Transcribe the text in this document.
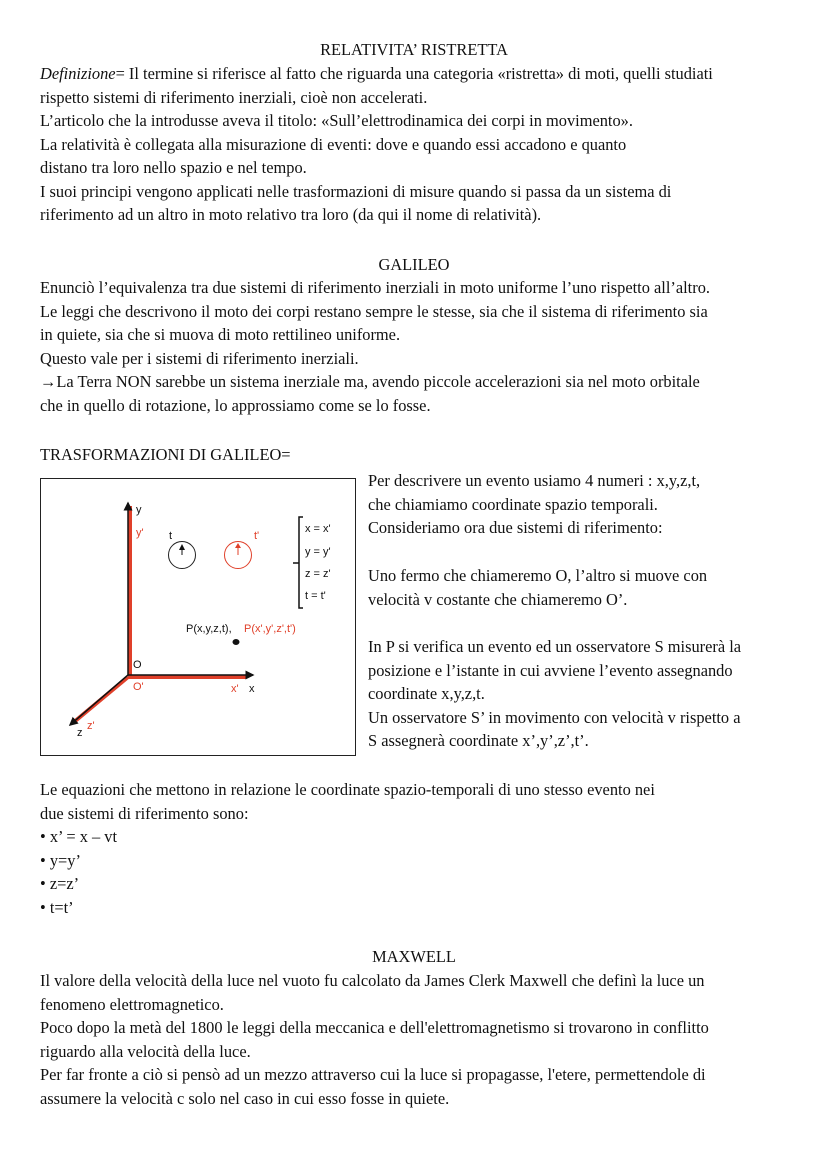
RELATIVITA’ RISTRETTA
Definizione= Il termine si riferisce al fatto che riguarda una categoria «ristretta» di moti, quelli studiati
rispetto sistemi di riferimento inerziali, cioè non accelerati.
L’articolo che la introdusse aveva il titolo: «Sull’elettrodinamica dei corpi in movimento».
La relatività è collegata alla misurazione di eventi: dove e quando essi accadono e quanto
distano tra loro nello spazio e nel tempo.
I suoi principi vengono applicati nelle trasformazioni di misure quando si passa da un sistema di
riferimento ad un altro in moto relativo tra loro (da qui il nome di relatività).
GALILEO
Enunciò l’equivalenza tra due sistemi di riferimento inerziali in moto uniforme l’uno rispetto all’altro.
Le leggi che descrivono il moto dei corpi restano sempre le stesse, sia che il sistema di riferimento sia
in quiete, sia che si muova di moto rettilineo uniforme.
Questo vale per i sistemi di riferimento inerziali.
→La Terra NON sarebbe un sistema inerziale ma, avendo piccole accelerazioni sia nel moto orbitale
che in quello di rotazione, lo approssiamo come se lo fosse.
TRASFORMAZIONI DI GALILEO=
y
y'
O
O'	x' x
z
z'
t	t'
x = x'
y = y'
z = z'
t = t'
P(x,y,z,t), P(x',y',z',t')
Per descrivere un evento usiamo 4 numeri : x,y,z,t,
che chiamiamo coordinate spazio temporali.
Consideriamo ora due sistemi di riferimento:
Uno fermo che chiameremo O, l’altro si muove con
velocità v costante che chiameremo O’.
In P si verifica un evento ed un osservatore S misurerà la
posizione e l’istante in cui avviene l’evento assegnando
coordinate x,y,z,t.
Un osservatore S’ in movimento con velocità v rispetto a
S assegnerà coordinate x’,y’,z’,t’.
Le equazioni che mettono in relazione le coordinate spazio-temporali di uno stesso evento nei
due sistemi di riferimento sono:
• x’ = x – vt
• y=y’
• z=z’
• t=t’
MAXWELL
Il valore della velocità della luce nel vuoto fu calcolato da James Clerk Maxwell che definì la luce un
fenomeno elettromagnetico.
Poco dopo la metà del 1800 le leggi della meccanica e dell'elettromagnetismo si trovarono in conflitto
riguardo alla velocità della luce.
Per far fronte a ciò si pensò ad un mezzo attraverso cui la luce si propagasse, l'etere, permettendole di
assumere la velocità c solo nel caso in cui esso fosse in quiete.
